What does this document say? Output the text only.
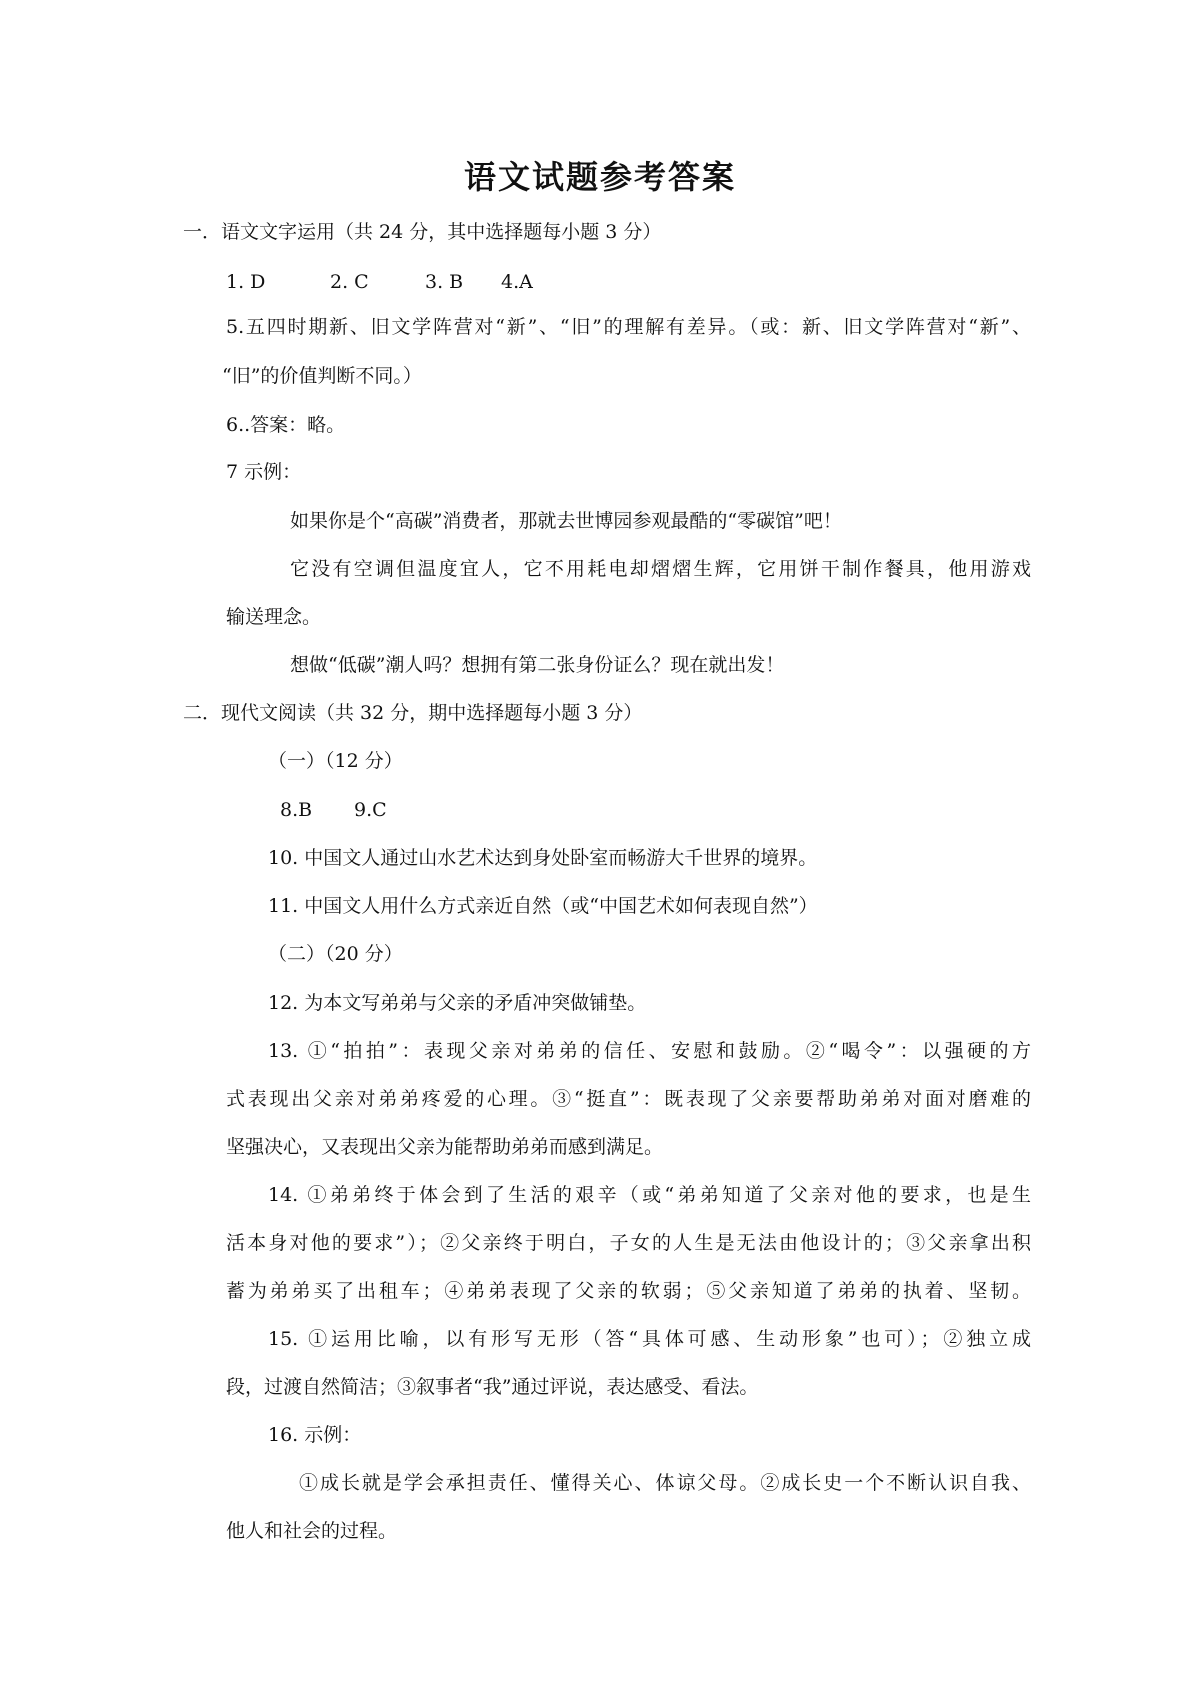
语文试题参考答案
一．语文文字运用（共 24 分，其中选择题每小题 3 分）
1. D	2. C	3. B 4.A
5.五四时期新、旧文学阵营对“新”、“旧”的理解有差异。（或：新、旧文学阵营对“新”、
“旧”的价值判断不同。）
6..答案：略。
7 示例：
如果你是个“高碳”消费者，那就去世博园参观最酷的“零碳馆”吧！
它没有空调但温度宜人，它不用耗电却熠熠生辉，它用饼干制作餐具，他用游戏
输送理念。
想做“低碳”潮人吗？想拥有第二张身份证么？现在就出发！
二．现代文阅读（共 32 分，期中选择题每小题 3 分）
（一）（12 分）
8.B 9.C
10. 中国文人通过山水艺术达到身处卧室而畅游大千世界的境界。
11. 中国文人用什么方式亲近自然（或“中国艺术如何表现自然”）
（二）（20 分）
12. 为本文写弟弟与父亲的矛盾冲突做铺垫。
13. ①“拍拍”：表现父亲对弟弟的信任、安慰和鼓励。②“喝令”：以强硬的方
式表现出父亲对弟弟疼爱的心理。③“挺直”：既表现了父亲要帮助弟弟对面对磨难的
坚强决心，又表现出父亲为能帮助弟弟而感到满足。
14. ①弟弟终于体会到了生活的艰辛（或“弟弟知道了父亲对他的要求，也是生
活本身对他的要求”）；②父亲终于明白，子女的人生是无法由他设计的；③父亲拿出积
蓄为弟弟买了出租车；④弟弟表现了父亲的软弱；⑤父亲知道了弟弟的执着、坚韧。
15. ①运用比喻，以有形写无形（答“具体可感、生动形象”也可）；②独立成
段，过渡自然简洁；③叙事者“我”通过评说，表达感受、看法。
16. 示例：
①成长就是学会承担责任、懂得关心、体谅父母。②成长史一个不断认识自我、
他人和社会的过程。
